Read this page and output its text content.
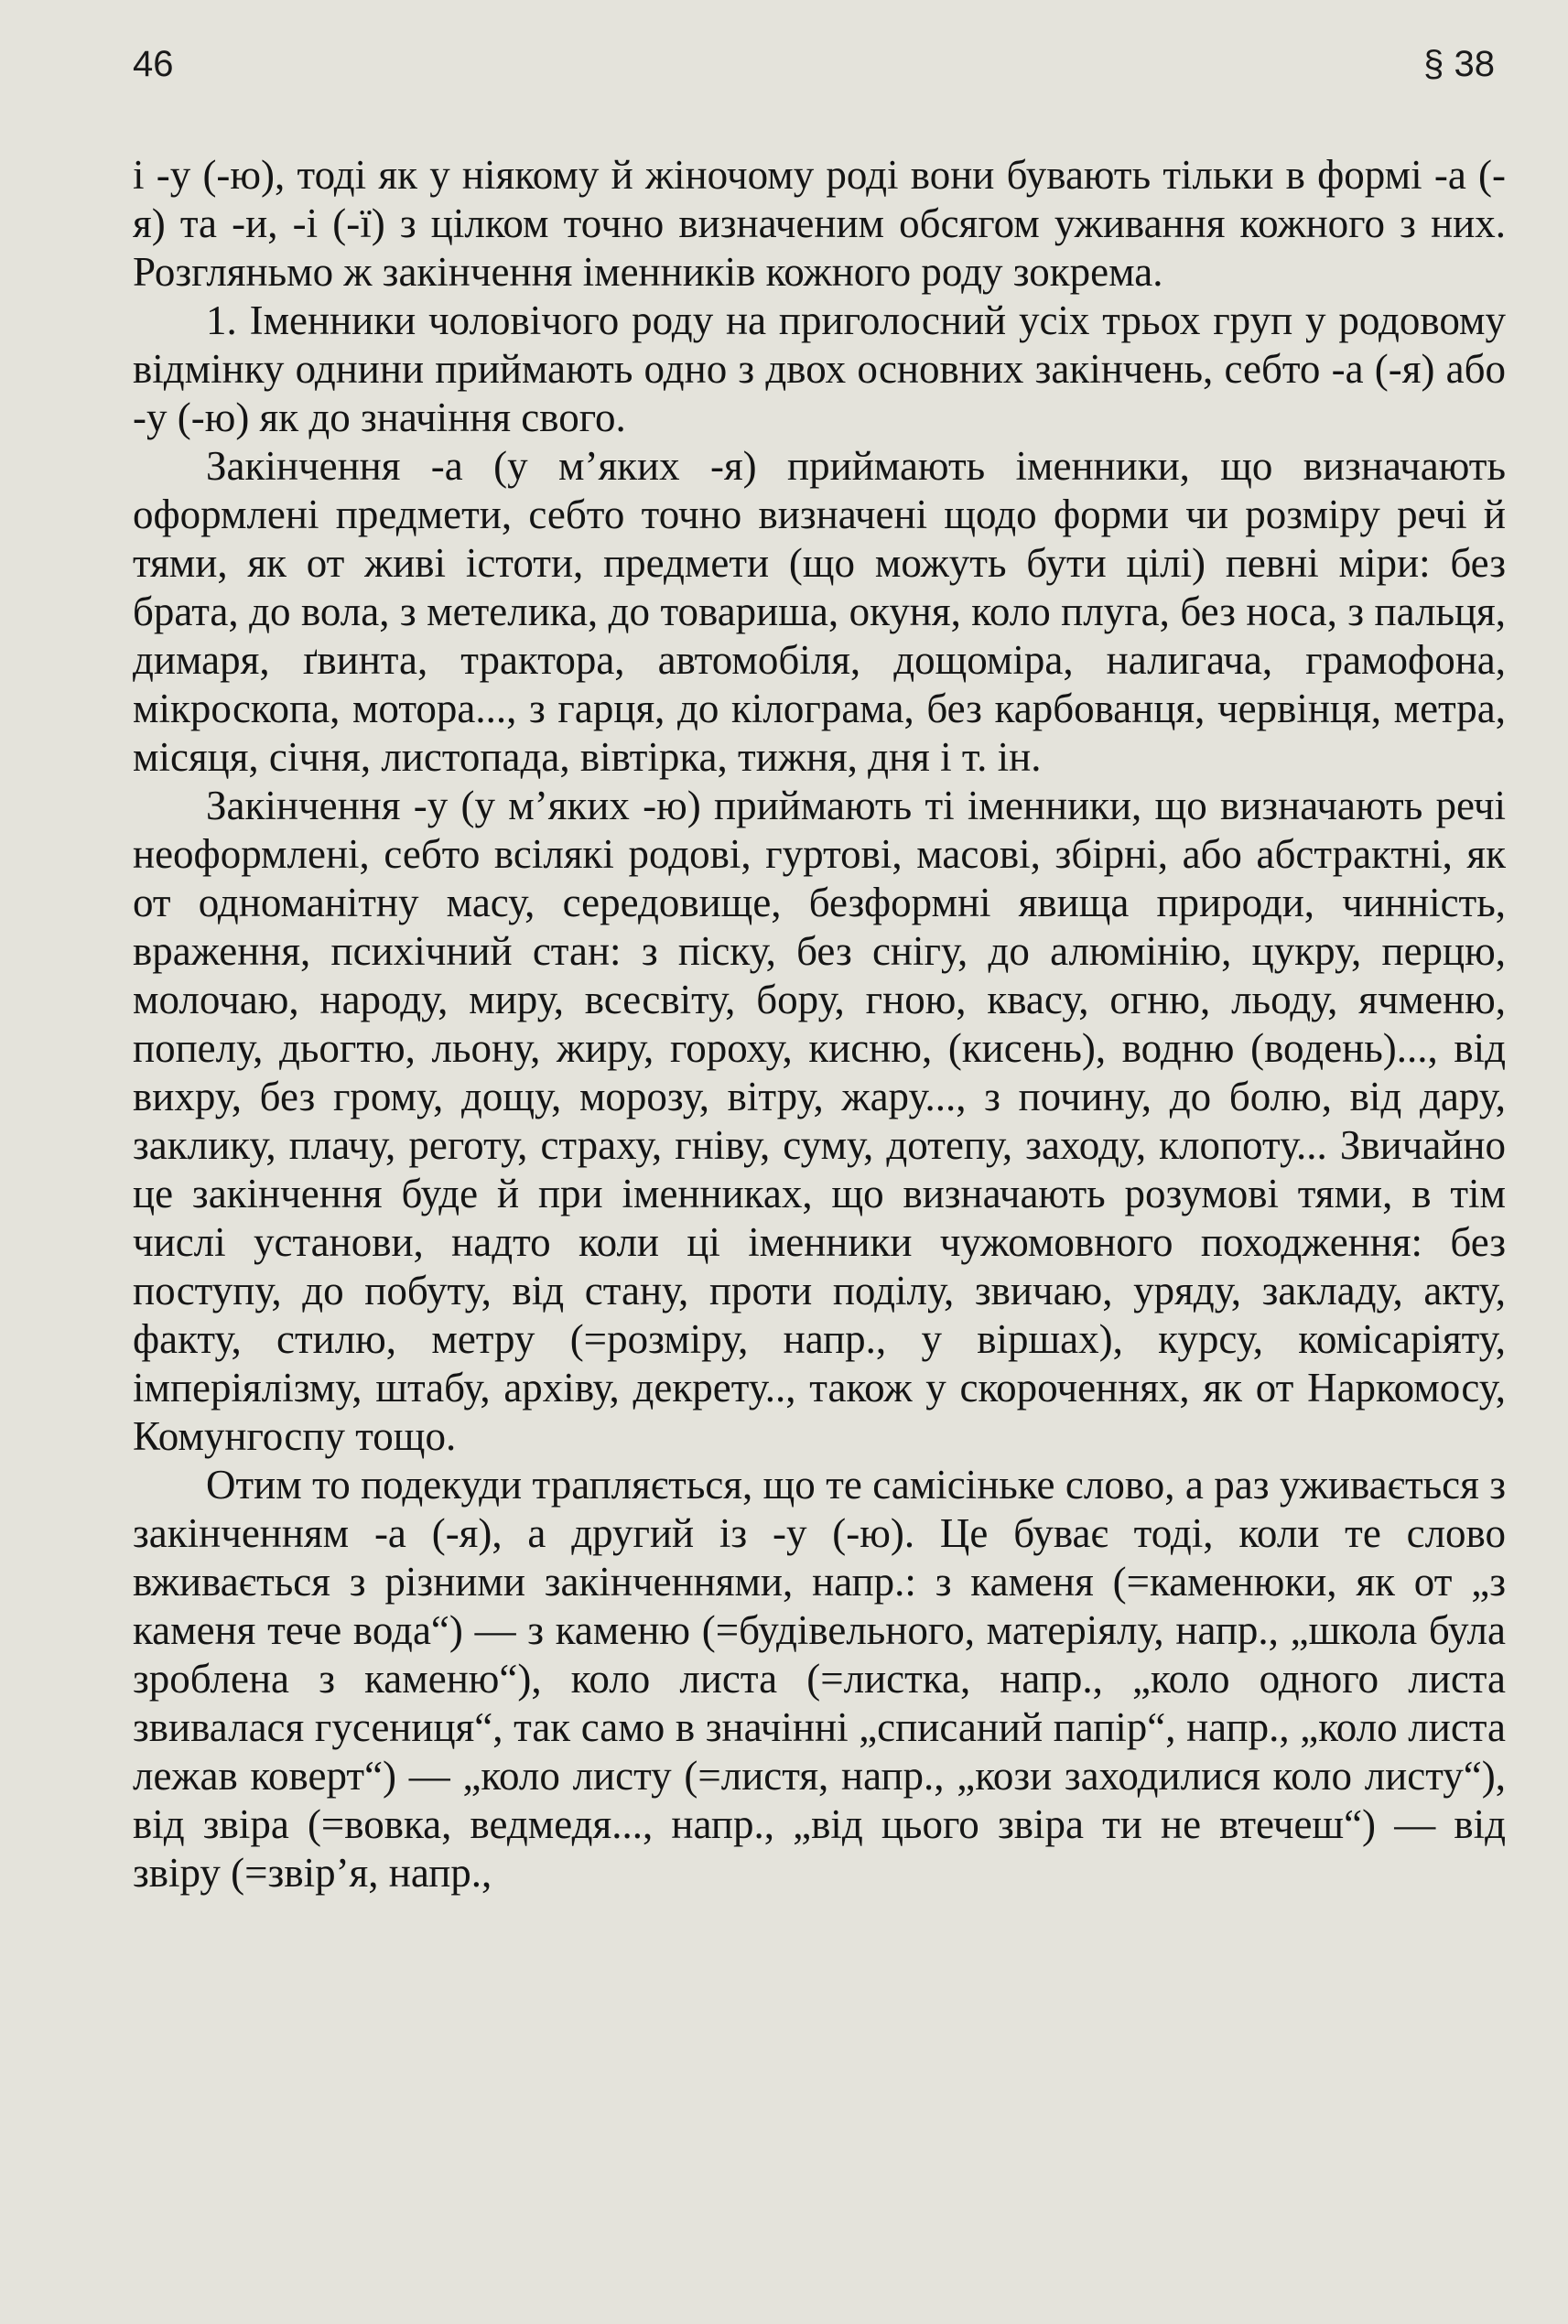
46	§ 38

і -у (-ю), тоді як у ніякому й жіночому роді вони бувають тільки в формі -а (-я) та -и, -і (-ї) з цілком точно визначеним обсягом уживання кожного з них. Розгляньмо ж закінчення іменників кожного роду зокрема.

1. Іменники чоловічого роду на приголосний усіх трьох груп у родовому відмінку однини приймають одно з двох основних закінчень, себто -а (-я) або -у (-ю) як до значіння свого.

Закінчення -а (у м’яких -я) приймають іменники, що визначають оформлені предмети, себто точно визначені щодо форми чи розміру речі й тями, як от живі істоти, предмети (що можуть бути цілі) певні міри: без брата, до вола, з метелика, до товариша, окуня, коло плуга, без носа, з пальця, димаря, ґвинта, трактора, автомобіля, дощоміра, налигача, грамофона, мікроскопа, мотора..., з гарця, до кілограма, без карбованця, червінця, метра, місяця, січня, листопада, вівтірка, тижня, дня і т. ін.

Закінчення -у (у м’яких -ю) приймають ті іменники, що визначають речі неоформлені, себто всілякі родові, гуртові, масові, збірні, або абстрактні, як от одноманітну масу, середовище, безформні явища природи, чинність, враження, психічний стан: з піску, без снігу, до алюмінію, цукру, перцю, молочаю, народу, миру, всесвіту, бору, гною, квасу, огню, льоду, ячменю, попелу, дьогтю, льону, жиру, гороху, кисню, (кисень), водню (водень)..., від вихру, без грому, дощу, морозу, вітру, жару..., з почину, до болю, від дару, заклику, плачу, реготу, страху, гніву, суму, дотепу, заходу, клопоту... Звичайно це закінчення буде й при іменниках, що визначають розумові тями, в тім числі установи, надто коли ці іменники чужомовного походження: без поступу, до побуту, від стану, проти поділу, звичаю, уряду, закладу, акту, факту, стилю, метру (=розміру, напр., у віршах), курсу, комісаріяту, імперіялізму, штабу, архіву, декрету.., також у скороченнях, як от Наркомосу, Комунгоспу тощо.

Отим то подекуди трапляється, що те самісіньке слово, а раз уживається з закінченням -а (-я), а другий із -у (-ю). Це буває тоді, коли те слово вживається з різними закінченнями, напр.: з каменя (=каменюки, як от „з каменя тече вода“) — з каменю (=будівельного, матеріялу, напр., „школа була зроблена з каменю“), коло листа (=листка, напр., „коло одного листа звивалася гусениця“, так само в значінні „списаний папір“, напр., „коло листа лежав коверт“) — „коло листу (=листя, напр., „кози заходилися коло листу“), від звіра (=вовка, ведмедя..., напр., „від цього звіра ти не втечеш“) — від звіру (=звір’я, напр.,
